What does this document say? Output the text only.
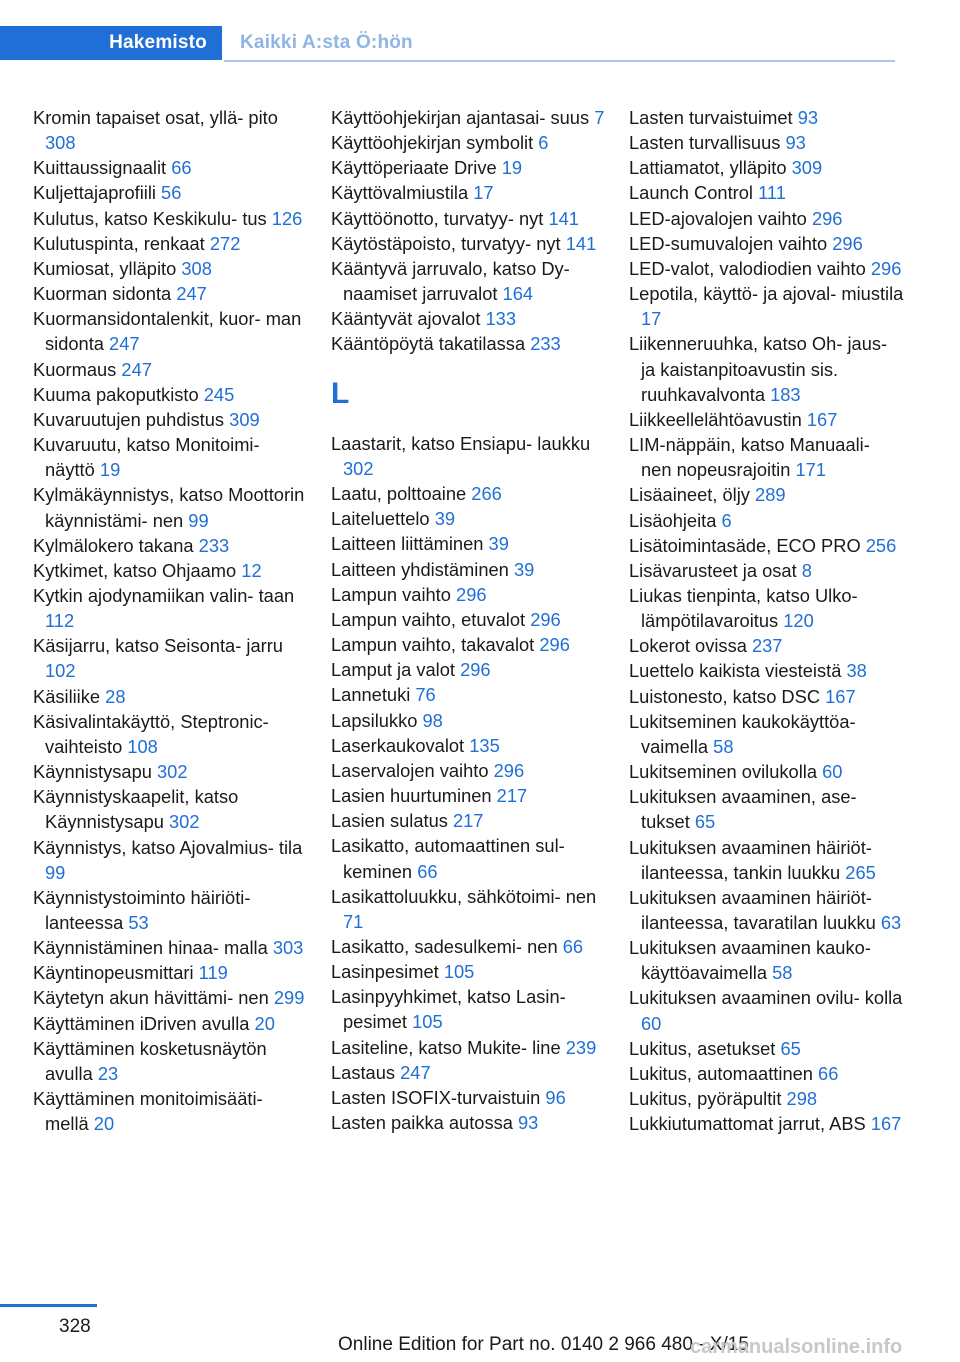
Hakemisto	Kaikki A:sta Ö:hön
Kromin tapaiset osat, yllä- pito 308
Kuittaussignaalit 66
Kuljettajaprofiili 56
Kulutus, katso Keskikulu- tus 126
Kulutuspinta, renkaat 272
Kumiosat, ylläpito 308
Kuorman sidonta 247
Kuormansidontalenkit, kuor- man sidonta 247
Kuormaus 247
Kuuma pakoputkisto 245
Kuvaruutujen puhdistus 309
Kuvaruutu, katso Monitoimi- näyttö 19
Kylmäkäynnistys, katso Moottorin käynnistämi- nen 99
Kylmälokero takana 233
Kytkimet, katso Ohjaamo 12
Kytkin ajodynamiikan valin- taan 112
Käsijarru, katso Seisonta- jarru 102
Käsiliike 28
Käsivalintakäyttö, Steptronic- vaihteisto 108
Käynnistysapu 302
Käynnistyskaapelit, katso Käynnistysapu 302
Käynnistys, katso Ajovalmius- tila 99
Käynnistystoiminto häiriöti- lanteessa 53
Käynnistäminen hinaa- malla 303
Käyntinopeusmittari 119
Käytetyn akun hävittämi- nen 299
Käyttäminen iDriven avulla 20
Käyttäminen kosketusnäytön avulla 23
Käyttäminen monitoimisääti- mellä 20
Käyttöohjekirjan ajantasai- suus 7
Käyttöohjekirjan symbolit 6
Käyttöperiaate Drive 19
Käyttövalmiustila 17
Käyttöönotto, turvatyy- nyt 141
Käytöstäpoisto, turvatyy- nyt 141
Kääntyvä jarruvalo, katso Dy- naamiset jarruvalot 164
Kääntyvät ajovalot 133
Kääntöpöytä takatilassa 233
L
Laastarit, katso Ensiapu- laukku 302
Laatu, polttoaine 266
Laiteluettelo 39
Laitteen liittäminen 39
Laitteen yhdistäminen 39
Lampun vaihto 296
Lampun vaihto, etuvalot 296
Lampun vaihto, takavalot 296
Lamput ja valot 296
Lannetuki 76
Lapsilukko 98
Laserkaukovalot 135
Laservalojen vaihto 296
Lasien huurtuminen 217
Lasien sulatus 217
Lasikatto, automaattinen sul- keminen 66
Lasikattoluukku, sähkötoimi- nen 71
Lasikatto, sadesulkemi- nen 66
Lasinpesimet 105
Lasinpyyhkimet, katso Lasin- pesimet 105
Lasiteline, katso Mukite- line 239
Lastaus 247
Lasten ISOFIX-turvaistuin 96
Lasten paikka autossa 93
Lasten turvaistuimet 93
Lasten turvallisuus 93
Lattiamatot, ylläpito 309
Launch Control 111
LED-ajovalojen vaihto 296
LED-sumuvalojen vaihto 296
LED-valot, valodiodien vaihto 296
Lepotila, käyttö- ja ajoval- miustila 17
Liikenneruuhka, katso Oh- jaus- ja kaistanpitoavustin sis. ruuhkavalvonta 183
Liikkeellelähtöavustin 167
LIM-näppäin, katso Manuaali- nen nopeusrajoitin 171
Lisäaineet, öljy 289
Lisäohjeita 6
Lisätoimintasäde, ECO PRO 256
Lisävarusteet ja osat 8
Liukas tienpinta, katso Ulko- lämpötilavaroitus 120
Lokerot ovissa 237
Luettelo kaikista viesteistä 38
Luistonesto, katso DSC 167
Lukitseminen kaukokäyttöa- vaimella 58
Lukitseminen ovilukolla 60
Lukituksen avaaminen, ase- tukset 65
Lukituksen avaaminen häiriöt- ilanteessa, tankin luukku 265
Lukituksen avaaminen häiriöt- ilanteessa, tavaratilan luukku 63
Lukituksen avaaminen kauko- käyttöavaimella 58
Lukituksen avaaminen ovilu- kolla 60
Lukitus, asetukset 65
Lukitus, automaattinen 66
Lukitus, pyöräpultit 298
Lukkiutumattomat jarrut, ABS 167
328
Online Edition for Part no. 0140 2 966 480 - X/15
carmanualsonline.info
